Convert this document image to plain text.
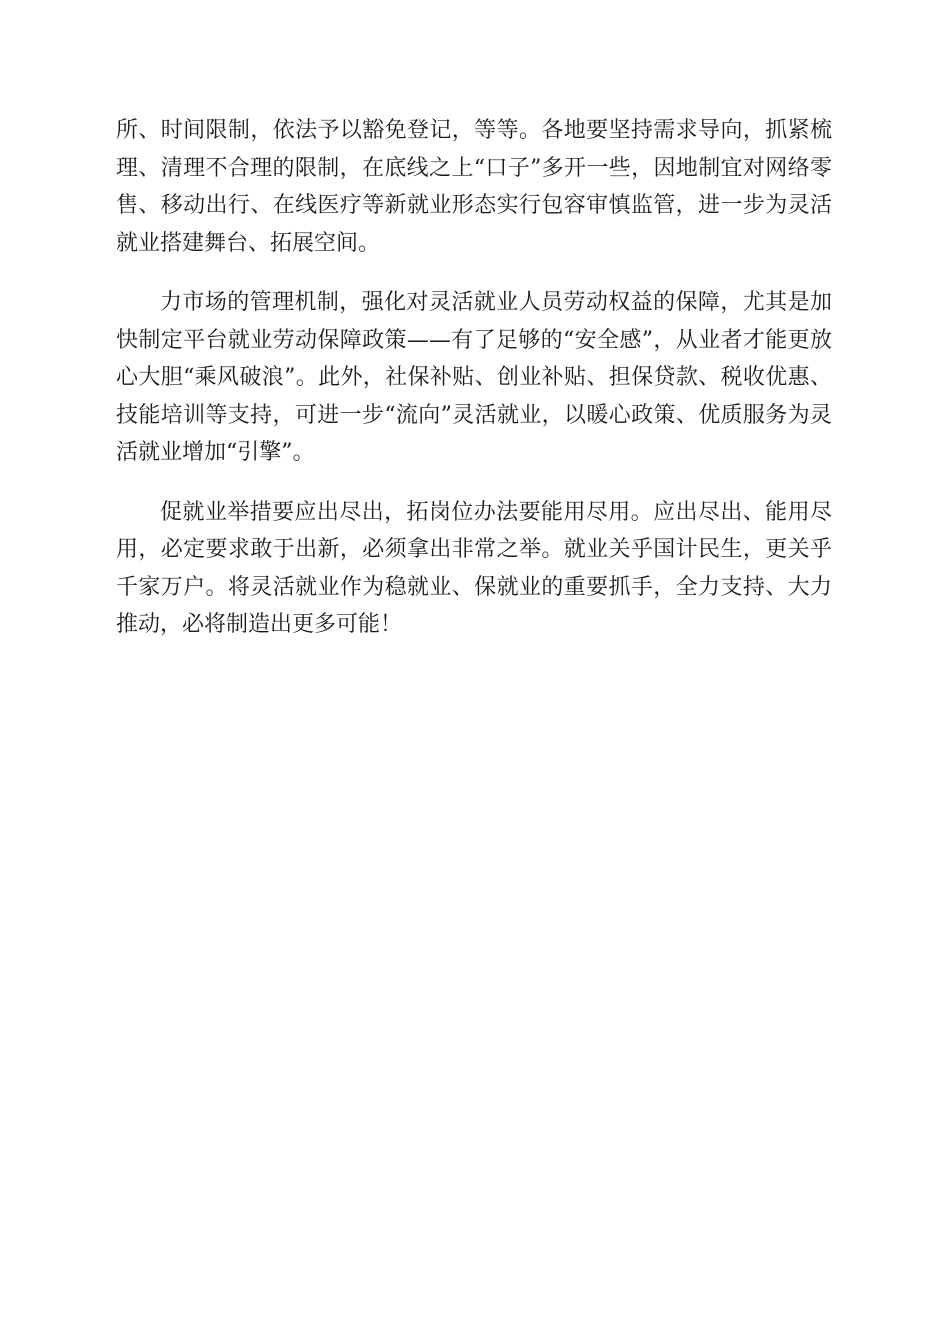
所、时间限制，依法予以豁免登记，等等。各地要坚持需求导向，抓紧梳理、清理不合理的限制，在底线之上“口子”多开一些，因地制宜对网络零售、移动出行、在线医疗等新就业形态实行包容审慎监管，进一步为灵活就业搭建舞台、拓展空间。

力市场的管理机制，强化对灵活就业人员劳动权益的保障，尤其是加快制定平台就业劳动保障政策——有了足够的“安全感”，从业者才能更放心大胆“乘风破浪”。此外，社保补贴、创业补贴、担保贷款、税收优惠、技能培训等支持，可进一步“流向”灵活就业，以暖心政策、优质服务为灵活就业增加“引擎”。

促就业举措要应出尽出，拓岗位办法要能用尽用。应出尽出、能用尽用，必定要求敢于出新，必须拿出非常之举。就业关乎国计民生，更关乎千家万户。将灵活就业作为稳就业、保就业的重要抓手，全力支持、大力推动，必将制造出更多可能！
